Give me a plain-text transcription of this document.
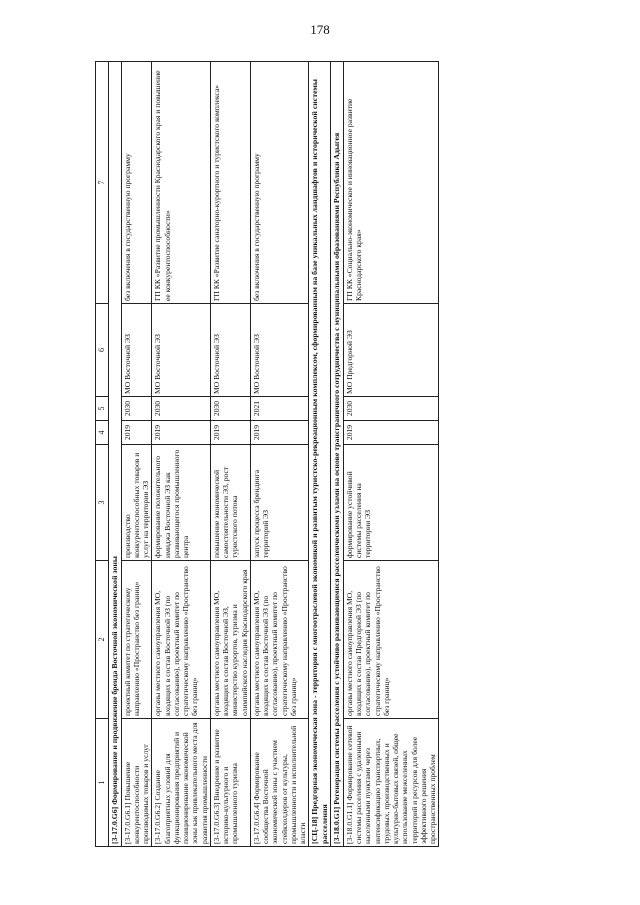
178
1	2	3	4	5	6	7
[3-17.0.G6] Формирование и продвижение бренда Восточной экономической зоны						
[3-17.0.G6.1] Повышение конкурентоспособности производимых товаров и услуг	проектный комитет по стратегическому направлению «Пространство без границ»	производство конкурентоспособных товаров и услуг на территории ЭЗ	2019	2030	МО Восточной ЭЗ	без включения в государственную программу
[3-17.0.G6.2] Создание благоприятных условий для функционирования предприятий и позиционирование экономической зоны как привлекательного места для развития промышленности	органы местного самоуправления МО, входящих в состав Восточной ЭЗ (по согласованию), проектный комитет по стратегическому направлению «Пространство без границ»	формирование положительного имиджа Восточной ЭЗ как развивающегося промышленного центра	2019	2030	МО Восточной ЭЗ	ГП КК «Развитие промышленности Краснодарского края и повышение ее конкурентоспособности»
[3-17.0.G6.3] Внедрение и развитие историко-культурного и промышленного туризма	органы местного самоуправления МО, входящих в состав Восточной ЭЗ, министерство курортов, туризма и олимпийского наследия Краснодарского края	повышение экономической самостоятельности ЭЗ, рост туристского потока	2019	2030	МО Восточной ЭЗ	ГП КК «Развитие санаторно-курортного и туристского комплекса»
[3-17.0.G6.4] Формирование сообщества Восточной экономической зоны с участием стейкхолдеров от культуры, промышленности и исполнительной власти	органы местного самоуправления МО, входящих в состав Восточной ЭЗ (по согласованию), проектный комитет по стратегическому направлению «Пространство без границ»	запуск процесса брендинга территорий ЭЗ	2019	2021	МО Восточной ЭЗ	без включения в государственную программу
[СЦ-18] Предгорная экономическая зона - территория с многоотраслевой экономикой и развитым туристско-рекреационным комплексом, сформированным на базе уникальных ландшафтов и исторической системы расселения						
[3-18.0.G1] Регенерация системы расселения с устойчиво развивающимися расселенческими узлами на основе трансграничного сотрудничества с муниципальными образованиями Республики Адыгея						
[3-18.0.G1.1] Формирование сетевой системы расселения с удаленными населенными пунктами через интенсификацию транспортных, трудовых, производственных и культурно-бытовых связей, общее использование межселенных территорий и ресурсов для более эффективного решения пространственных проблем	органы местного самоуправления МО, входящих в состав Предгорной ЭЗ (по согласованию), проектный комитет по стратегическому направлению «Пространство без границ»	формирование устойчивой системы расселения на территории ЭЗ	2019	2030	МО Предгорной ЭЗ	ГП КК «Социально-экономическое и инновационное развитие Краснодарского края»
